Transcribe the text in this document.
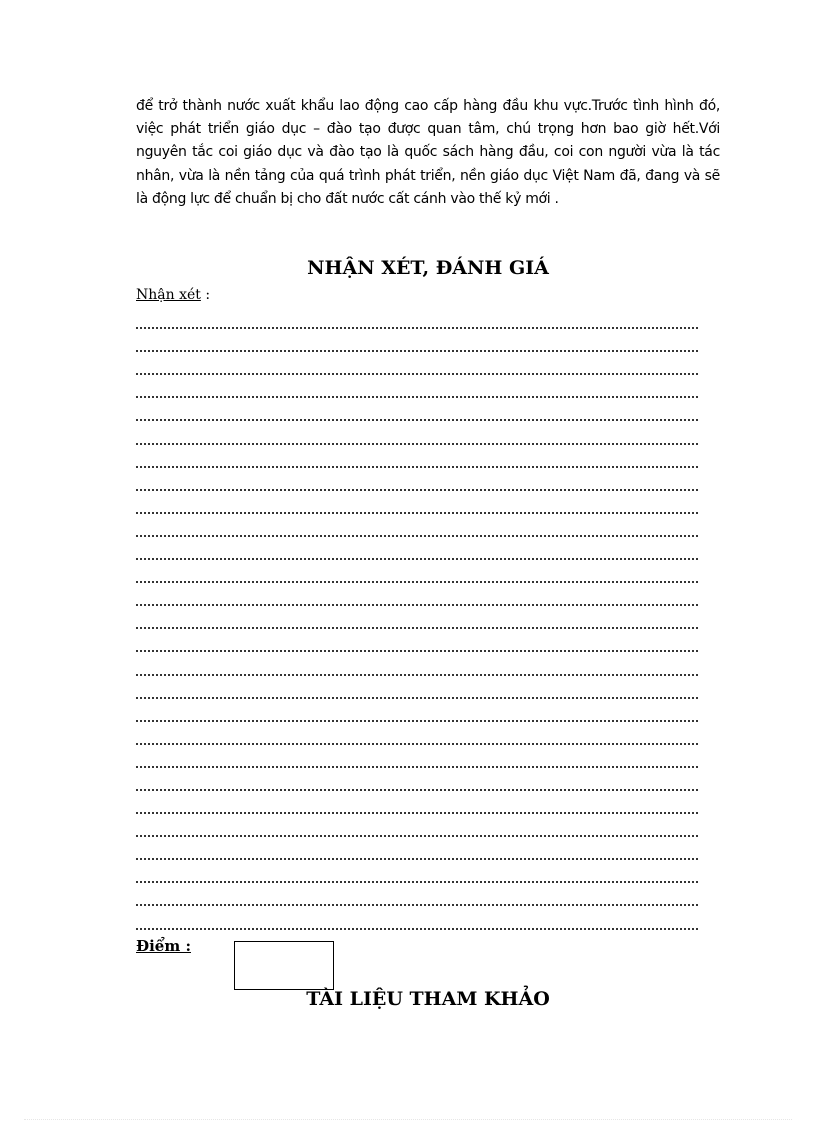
để trở thành nước xuất khẩu lao động cao cấp hàng đầu khu vực.Trước tình hình đó, việc phát triển giáo dục – đào tạo được quan tâm, chú trọng hơn bao giờ hết.Với nguyên tắc coi giáo dục và đào tạo là quốc sách hàng đầu, coi con người vừa là tác nhân, vừa là nền tảng của quá trình phát triển, nền giáo dục Việt Nam đã, đang và sẽ là động lực để chuẩn bị cho đất nước cất cánh vào thế kỷ mới .

NHẬN XÉT, ĐÁNH GIÁ

Nhận xét :

Điểm :

TÀI LIỆU THAM KHẢO
